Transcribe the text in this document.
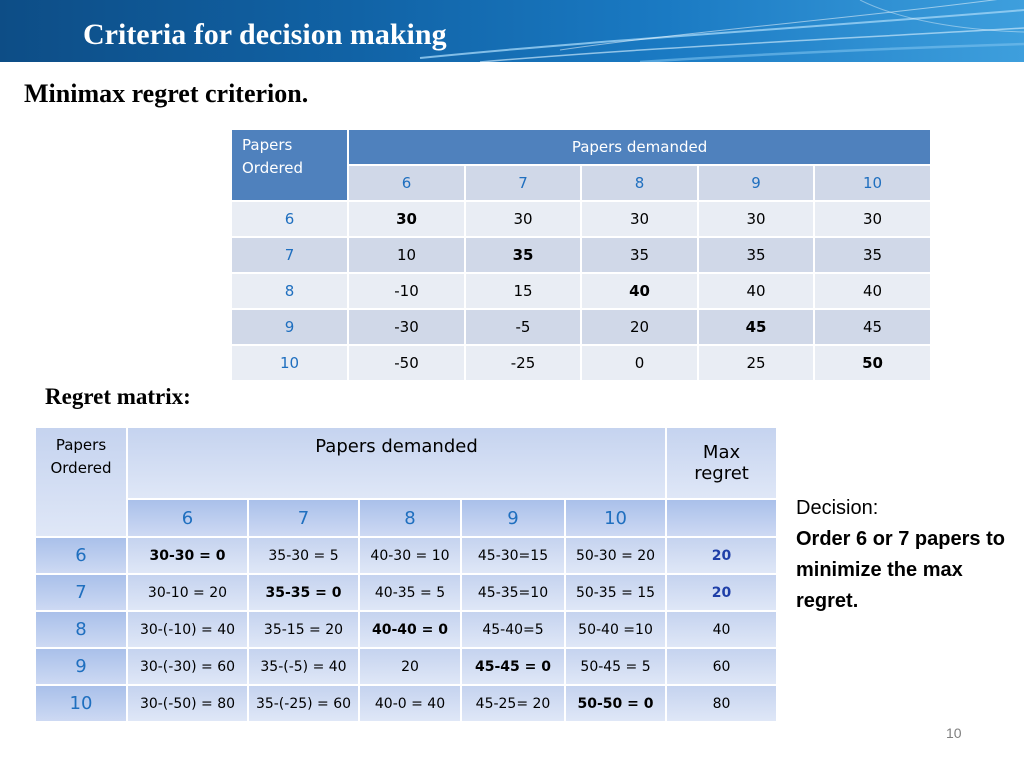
Criteria for decision making
Minimax regret criterion.
Papers
Ordered	Papers demanded				
	6	7	8	9	10
6	30	30	30	30	30
7	10	35	35	35	35
8	-10	15	40	40	40
9	-30	-5	20	45	45
10	-50	-25	0	25	50
Regret matrix:
Papers
Ordered	Papers demanded					Max
regret
	6	7	8	9	10	
6	30-30 = 0	35-30 = 5	40-30 = 10	45-30=15	50-30 = 20	20
7	30-10 = 20	35-35 = 0	40-35 = 5	45-35=10	50-35 = 15	20
8	30-(-10) = 40	35-15 = 20	40-40 = 0	45-40=5	50-40 =10	40
9	30-(-30) = 60	35-(-5) = 40	20	45-45 = 0	50-45 = 5	60
10	30-(-50) = 80	35-(-25) = 60	40-0 = 40	45-25= 20	50-50 = 0	80
Decision:
Order 6 or 7 papers to minimize the max regret.
10
